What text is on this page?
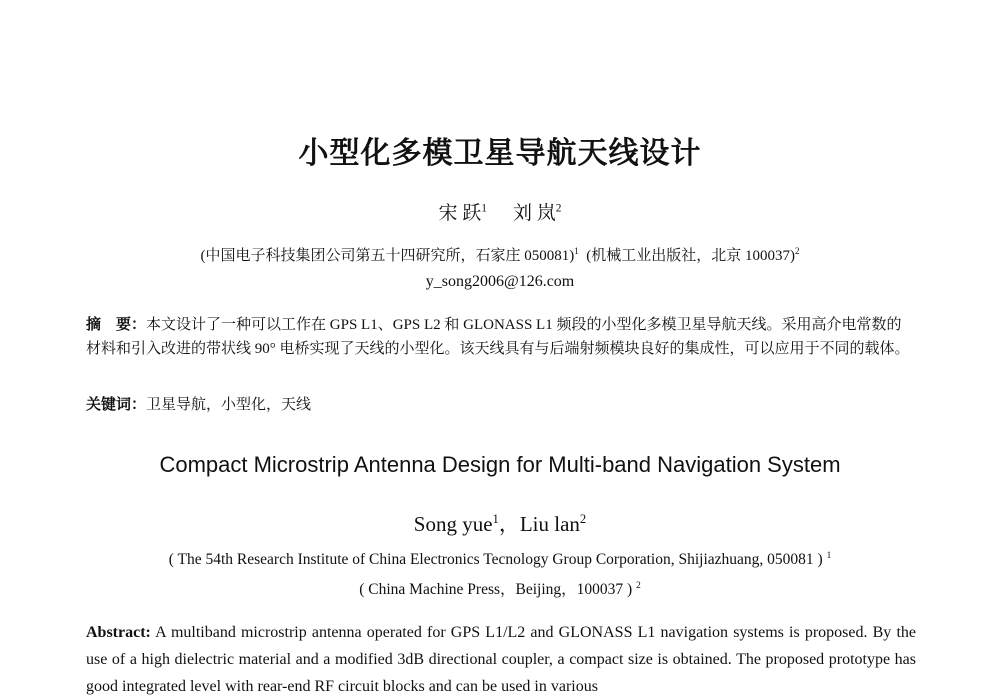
小型化多模卫星导航天线设计
宋 跃$^1$ 刘 岚$^2$
(中国电子科技集团公司第五十四研究所，石家庄 050081)$^1$ (机械工业出版社，北京 100037)$^2$
y_song2006@126.com
摘　要：本文设计了一种可以工作在 GPS L1、GPS L2 和 GLONASS L1 频段的小型化多模卫星导航天线。采用高介电常数的材料和引入改进的带状线 90° 电桥实现了天线的小型化。该天线具有与后端射频模块良好的集成性，可以应用于不同的载体。
关键词：卫星导航，小型化，天线
Compact Microstrip Antenna Design for Multi-band Navigation System
Song yue$^1$，Liu lan$^2$
( The 54th Research Institute of China Electronics Tecnology Group Corporation, Shijiazhuang, 050081 ) $^1$
( China Machine Press，Beijing，100037 ) $^2$
Abstract: A multiband microstrip antenna operated for GPS L1/L2 and GLONASS L1 navigation systems is proposed. By the use of a high dielectric material and a modified 3dB directional coupler, a compact size is obtained. The proposed prototype has good integrated level with rear-end RF circuit blocks and can be used in various
